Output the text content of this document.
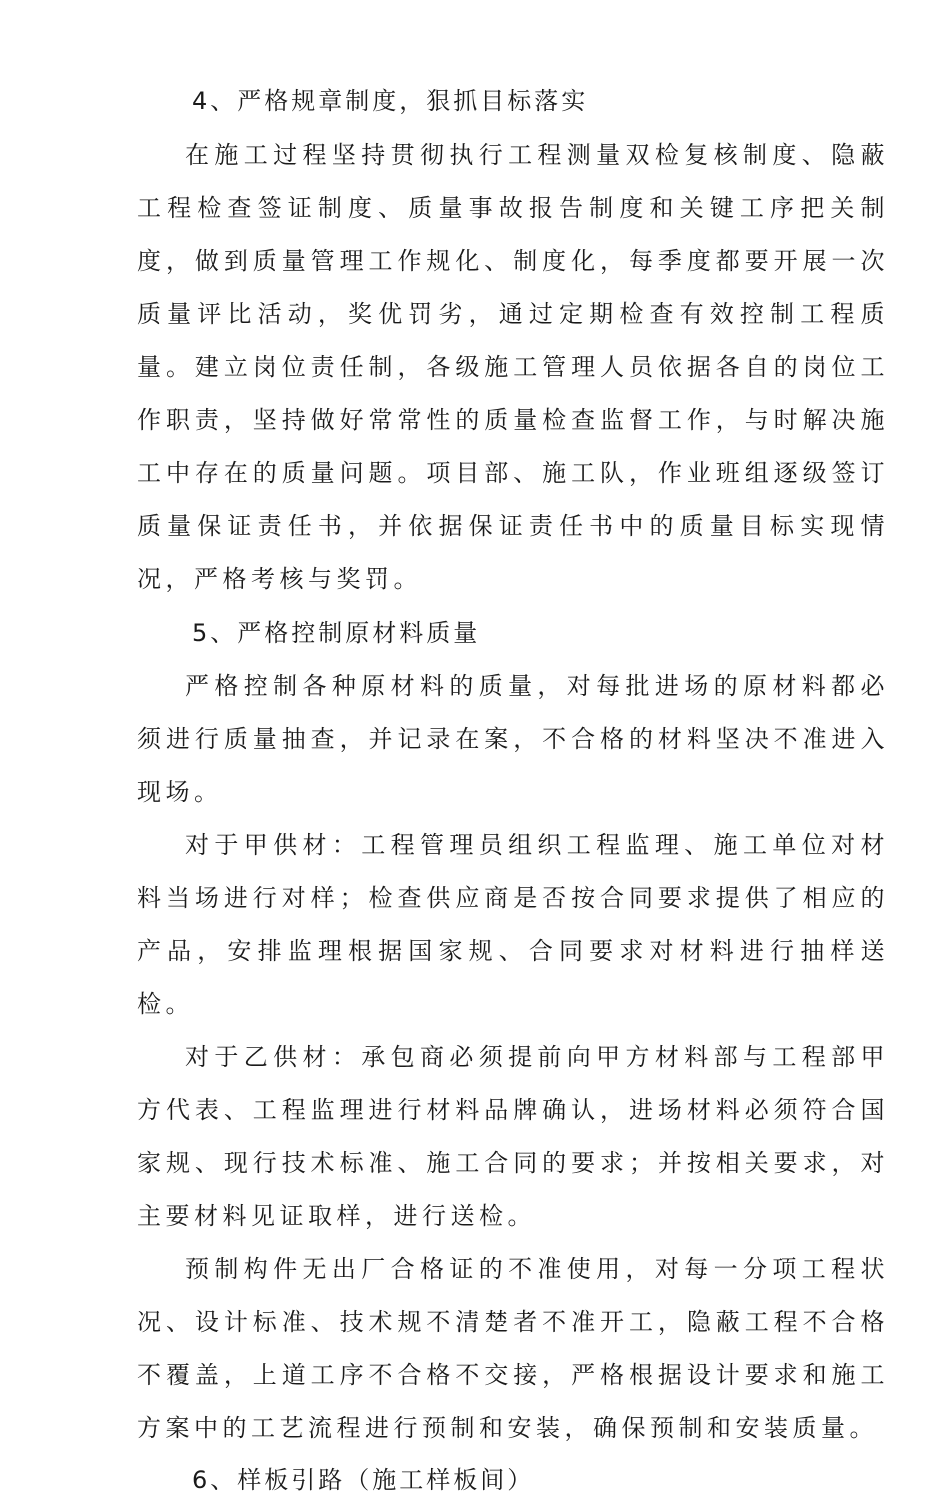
4、严格规章制度，狠抓目标落实

在施工过程坚持贯彻执行工程测量双检复核制度、隐蔽工程检查签证制度、质量事故报告制度和关键工序把关制度，做到质量管理工作规化、制度化，每季度都要开展一次质量评比活动，奖优罚劣，通过定期检查有效控制工程质量。建立岗位责任制，各级施工管理人员依据各自的岗位工作职责，坚持做好常常性的质量检查监督工作，与时解决施工中存在的质量问题。项目部、施工队，作业班组逐级签订质量保证责任书，并依据保证责任书中的质量目标实现情况，严格考核与奖罚。

5、严格控制原材料质量

严格控制各种原材料的质量，对每批进场的原材料都必须进行质量抽查，并记录在案，不合格的材料坚决不准进入现场。

对于甲供材：工程管理员组织工程监理、施工单位对材料当场进行对样；检查供应商是否按合同要求提供了相应的产品，安排监理根据国家规、合同要求对材料进行抽样送检。

对于乙供材：承包商必须提前向甲方材料部与工程部甲方代表、工程监理进行材料品牌确认，进场材料必须符合国家规、现行技术标准、施工合同的要求；并按相关要求，对主要材料见证取样，进行送检。

预制构件无出厂合格证的不准使用，对每一分项工程状况、设计标准、技术规不清楚者不准开工，隐蔽工程不合格不覆盖，上道工序不合格不交接，严格根据设计要求和施工方案中的工艺流程进行预制和安装，确保预制和安装质量。

6、样板引路（施工样板间）
